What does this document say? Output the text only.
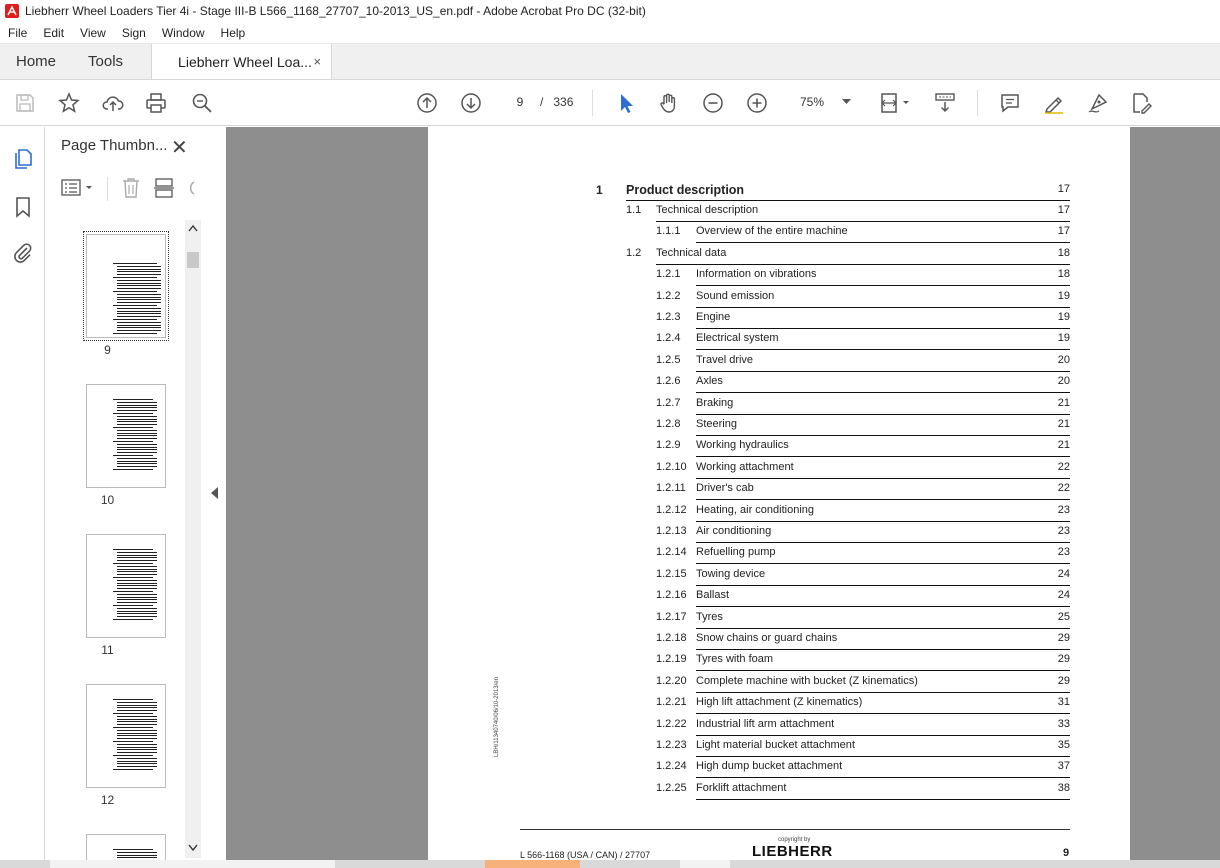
Liebherr Wheel Loaders Tier 4i - Stage III-B L566_1168_27707_10-2013_US_en.pdf - Adobe Acrobat Pro DC (32-bit)
File	Edit	View	Sign	Window	Help
Home	Tools	Liebherr Wheel Loa... ×
9
/ 336	75%
Page Thumbn... ✕
9
10
11
12
1 Product description	17
LBH/11340740/06/10-2013/en
L 566-1168 (USA / CAN) / 27707
copyright by
LIEBHERR	9
1.1 Technical description	17
1.1.1 Overview of the entire machine	17
1.2 Technical data	18
1.2.1 Information on vibrations	18
1.2.2 Sound emission	19
1.2.3 Engine	19
1.2.4 Electrical system	19
1.2.5 Travel drive	20
1.2.6 Axles	20
1.2.7 Braking	21
1.2.8 Steering	21
1.2.9 Working hydraulics	21
1.2.10 Working attachment	22
1.2.11 Driver's cab	22
1.2.12 Heating, air conditioning	23
1.2.13 Air conditioning	23
1.2.14 Refuelling pump	23
1.2.15 Towing device	24
1.2.16 Ballast	24
1.2.17 Tyres	25
1.2.18 Snow chains or guard chains	29
1.2.19 Tyres with foam	29
1.2.20 Complete machine with bucket (Z kinematics)	29
1.2.21 High lift attachment (Z kinematics)	31
1.2.22 Industrial lift arm attachment	33
1.2.23 Light material bucket attachment	35
1.2.24 High dump bucket attachment	37
1.2.25 Forklift attachment	38
